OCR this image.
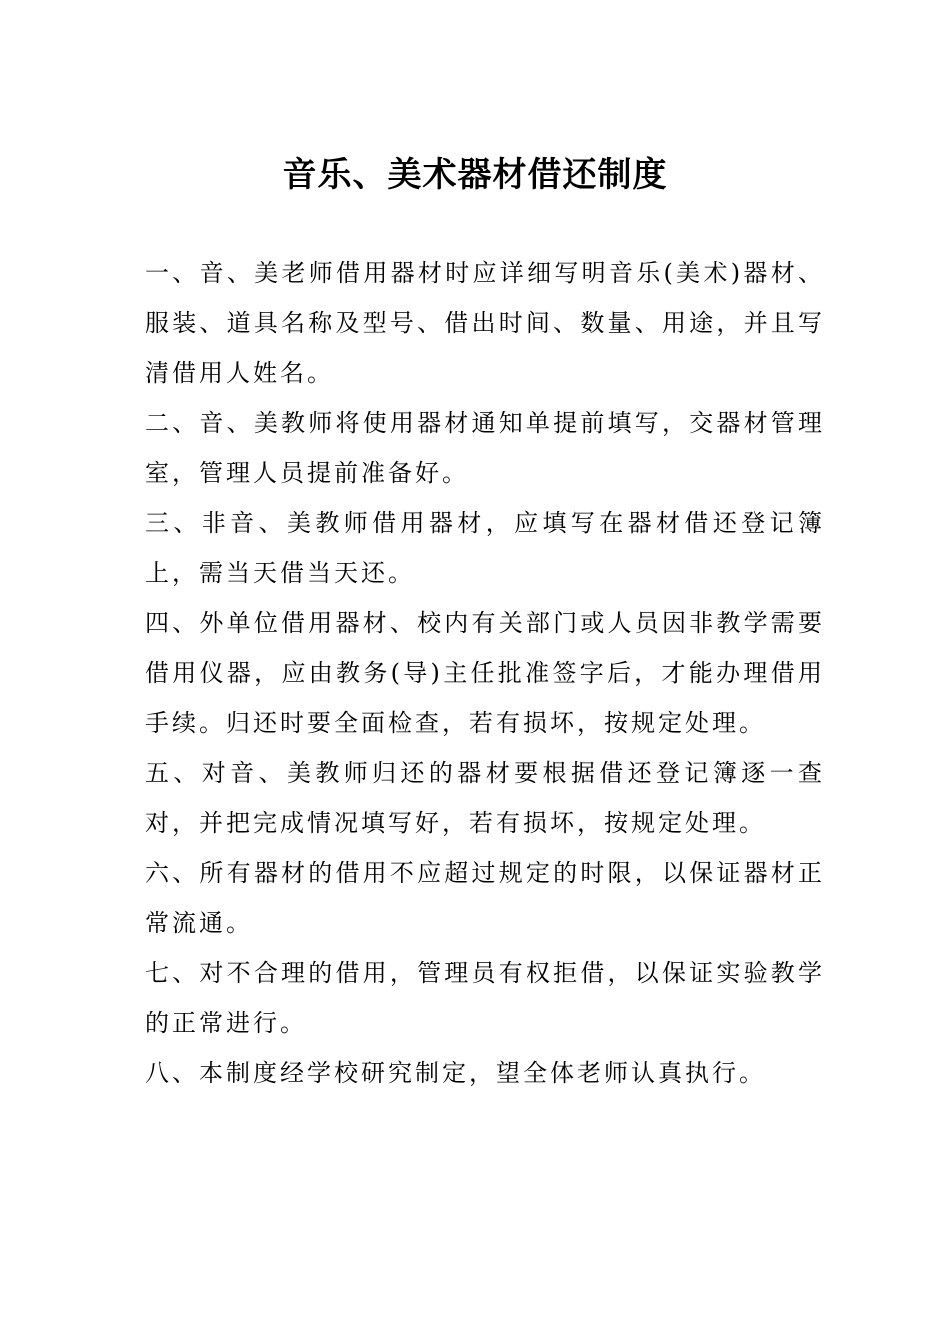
音乐、美术器材借还制度

一、音、美老师借用器材时应详细写明音乐(美术)器材、服装、道具名称及型号、借出时间、数量、用途，并且写清借用人姓名。

二、音、美教师将使用器材通知单提前填写，交器材管理室，管理人员提前准备好。

三、非音、美教师借用器材，应填写在器材借还登记簿上，需当天借当天还。

四、外单位借用器材、校内有关部门或人员因非教学需要借用仪器，应由教务(导)主任批准签字后，才能办理借用手续。归还时要全面检查，若有损坏，按规定处理。

五、对音、美教师归还的器材要根据借还登记簿逐一查对，并把完成情况填写好，若有损坏，按规定处理。

六、所有器材的借用不应超过规定的时限，以保证器材正常流通。

七、对不合理的借用，管理员有权拒借，以保证实验教学的正常进行。

八、本制度经学校研究制定，望全体老师认真执行。
